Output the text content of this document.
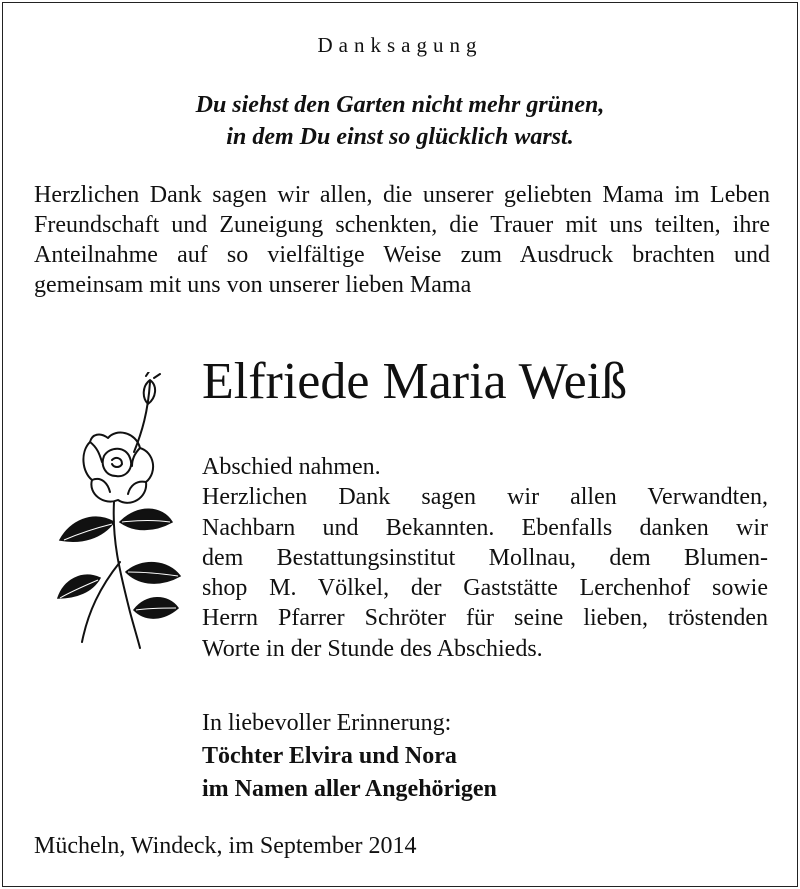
Danksagung
Du siehst den Garten nicht mehr grünen,
in dem Du einst so glücklich warst.
Herzlichen Dank sagen wir allen, die unserer geliebten Mama im Leben Freundschaft und Zuneigung schenkten, die Trauer mit uns teilten, ihre Anteilnahme auf so vielfältige Weise zum Ausdruck brachten und gemeinsam mit uns von unserer lieben Mama
Elfriede Maria Weiß
Abschied nahmen.
Herzlichen Dank sagen wir allen Verwandten,
Nachbarn und Bekannten. Ebenfalls danken wir
dem Bestattungsinstitut Mollnau, dem Blumen-
shop M. Völkel, der Gaststätte Lerchenhof sowie
Herrn Pfarrer Schröter für seine lieben, tröstenden
Worte in der Stunde des Abschieds.
In liebevoller Erinnerung:
Töchter Elvira und Nora
im Namen aller Angehörigen
Mücheln, Windeck, im September 2014
